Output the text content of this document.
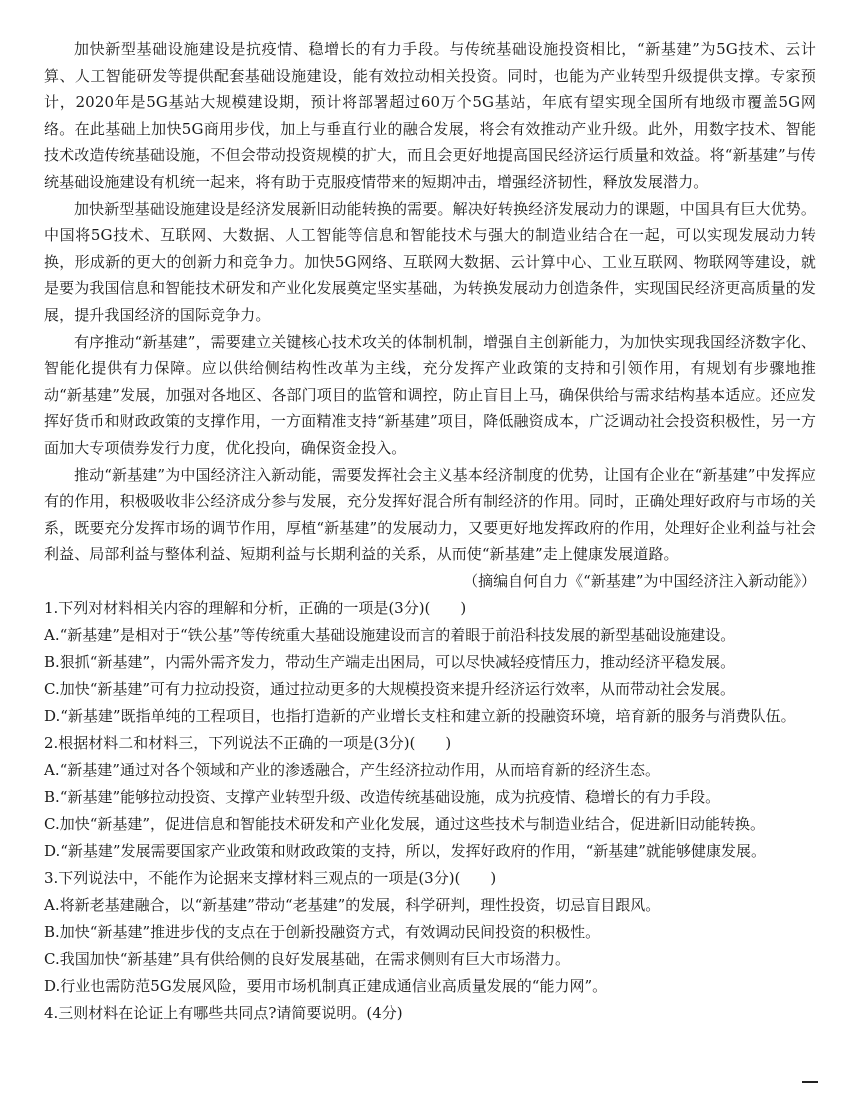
加快新型基础设施建设是抗疫情、稳增长的有力手段。与传统基础设施投资相比，“新基建”为5G技术、云计算、人工智能研发等提供配套基础设施建设，能有效拉动相关投资。同时，也能为产业转型升级提供支撑。专家预计，2020年是5G基站大规模建设期，预计将部署超过60万个5G基站，年底有望实现全国所有地级市覆盖5G网络。在此基础上加快5G商用步伐，加上与垂直行业的融合发展，将会有效推动产业升级。此外，用数字技术、智能技术改造传统基础设施，不但会带动投资规模的扩大，而且会更好地提高国民经济运行质量和效益。将“新基建”与传统基础设施建设有机统一起来，将有助于克服疫情带来的短期冲击，增强经济韧性，释放发展潜力。

加快新型基础设施建设是经济发展新旧动能转换的需要。解决好转换经济发展动力的课题，中国具有巨大优势。中国将5G技术、互联网、大数据、人工智能等信息和智能技术与强大的制造业结合在一起，可以实现发展动力转换，形成新的更大的创新力和竞争力。加快5G网络、互联网大数据、云计算中心、工业互联网、物联网等建设，就是要为我国信息和智能技术研发和产业化发展奠定坚实基础，为转换发展动力创造条件，实现国民经济更高质量的发展，提升我国经济的国际竞争力。

有序推动“新基建”，需要建立关键核心技术攻关的体制机制，增强自主创新能力，为加快实现我国经济数字化、智能化提供有力保障。应以供给侧结构性改革为主线，充分发挥产业政策的支持和引领作用，有规划有步骤地推动“新基建”发展，加强对各地区、各部门项目的监管和调控，防止盲目上马，确保供给与需求结构基本适应。还应发挥好货币和财政政策的支撑作用，一方面精准支持“新基建”项目，降低融资成本，广泛调动社会投资积极性，另一方面加大专项债券发行力度，优化投向，确保资金投入。

推动“新基建”为中国经济注入新动能，需要发挥社会主义基本经济制度的优势，让国有企业在“新基建”中发挥应有的作用，积极吸收非公经济成分参与发展，充分发挥好混合所有制经济的作用。同时，正确处理好政府与市场的关系，既要充分发挥市场的调节作用，厚植“新基建”的发展动力，又要更好地发挥政府的作用，处理好企业利益与社会利益、局部利益与整体利益、短期利益与长期利益的关系，从而使“新基建”走上健康发展道路。

（摘编自何自力《“新基建”为中国经济注入新动能》）

1.下列对材料相关内容的理解和分析，正确的一项是(3分)(　　)

A.“新基建”是相对于“铁公基”等传统重大基础设施建设而言的着眼于前沿科技发展的新型基础设施建设。

B.狠抓“新基建”，内需外需齐发力，带动生产端走出困局，可以尽快减轻疫情压力，推动经济平稳发展。

C.加快“新基建”可有力拉动投资，通过拉动更多的大规模投资来提升经济运行效率，从而带动社会发展。

D.“新基建”既指单纯的工程项目，也指打造新的产业增长支柱和建立新的投融资环境，培育新的服务与消费队伍。

2.根据材料二和材料三，下列说法不正确的一项是(3分)(　　)

A.“新基建”通过对各个领域和产业的渗透融合，产生经济拉动作用，从而培育新的经济生态。

B.“新基建”能够拉动投资、支撑产业转型升级、改造传统基础设施，成为抗疫情、稳增长的有力手段。

C.加快“新基建”，促进信息和智能技术研发和产业化发展，通过这些技术与制造业结合，促进新旧动能转换。

D.“新基建”发展需要国家产业政策和财政政策的支持，所以，发挥好政府的作用，“新基建”就能够健康发展。

3.下列说法中，不能作为论据来支撑材料三观点的一项是(3分)(　　)

A.将新老基建融合，以“新基建”带动“老基建”的发展，科学研判，理性投资，切忌盲目跟风。

B.加快“新基建”推进步伐的支点在于创新投融资方式，有效调动民间投资的积极性。

C.我国加快“新基建”具有供给侧的良好发展基础，在需求侧则有巨大市场潜力。

D.行业也需防范5G发展风险，要用市场机制真正建成通信业高质量发展的“能力网”。

4.三则材料在论证上有哪些共同点?请简要说明。(4分)
